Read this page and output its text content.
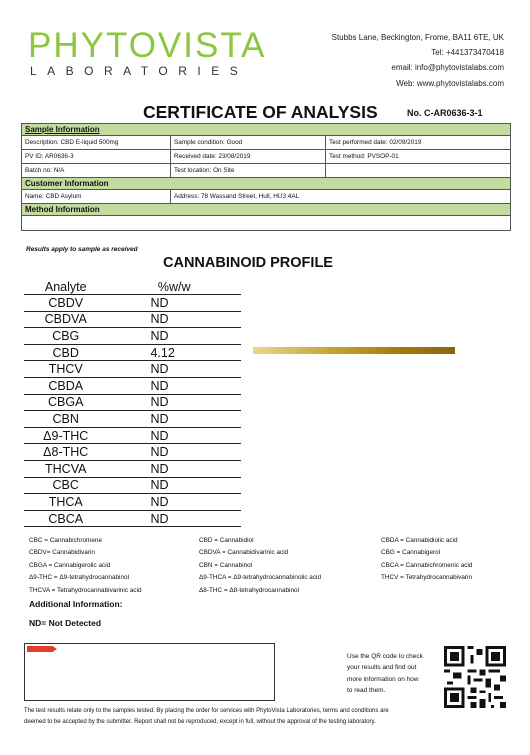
PHYTOVISTA
LABORATORIES
Stubbs Lane, Beckington, Frome, BA11 6TE, UK
Tel: +441373470418
email: info@phytovistalabs.com
Web: www.phytovistalabs.com
CERTIFICATE OF ANALYSIS	No. C-AR0636-3-1
Sample Information		
Description: CBD E-liquid 500mg	Sample condition: Good	Test performed date: 02/09/2019
PV ID: AR0636-3	Received date: 23/08/2019	Test method: PVSOP-01
Batch no: N/A	Test location: On Site	
Customer Information		
Name: CBD Asylum	Address: 78 Wassand Street, Hull, HU3 4AL	
Method Information		

Results apply to sample as received
CANNABINOID PROFILE
Analyte	%w/w
CBDV	ND
CBDVA	ND
CBG	ND
CBD	4.12
THCV	ND
CBDA	ND
CBGA	ND
CBN	ND
Δ9-THC	ND
Δ8-THC	ND
THCVA	ND
CBC	ND
THCA	ND
CBCA	ND
CBC = Cannabichromene
CBDV= Cannabidivarin
CBGA = Cannabigerolic acid
Δ9-THC = Δ9-tetrahydrocannabinol
THCVA = Tetrahydrocannabivarinic acid
CBD = Cannabidiol
CBDVA = Cannabidivarinic acid
CBN = Cannabinol
Δ9-THCA = Δ9-tetrahydrocannabinolic acid
Δ8-THC = Δ8-tetrahydrocannabinol
CBDA = Cannabidiolic acid
CBG = Cannabigerol
CBCA = Cannabichromenic acid
THCV = Tetrahydrocannabivarin
Additional Information:
ND= Not Detected
Use the QR code to check
your results and find out
more information on how
to read them.
The test results relate only to the samples tested. By placing the order for services with PhytoVista Laboratories, terms and conditions are
deemed to be accepted by the submitter. Report shall not be reproduced, except in full, without the approval of the testing laboratory.
